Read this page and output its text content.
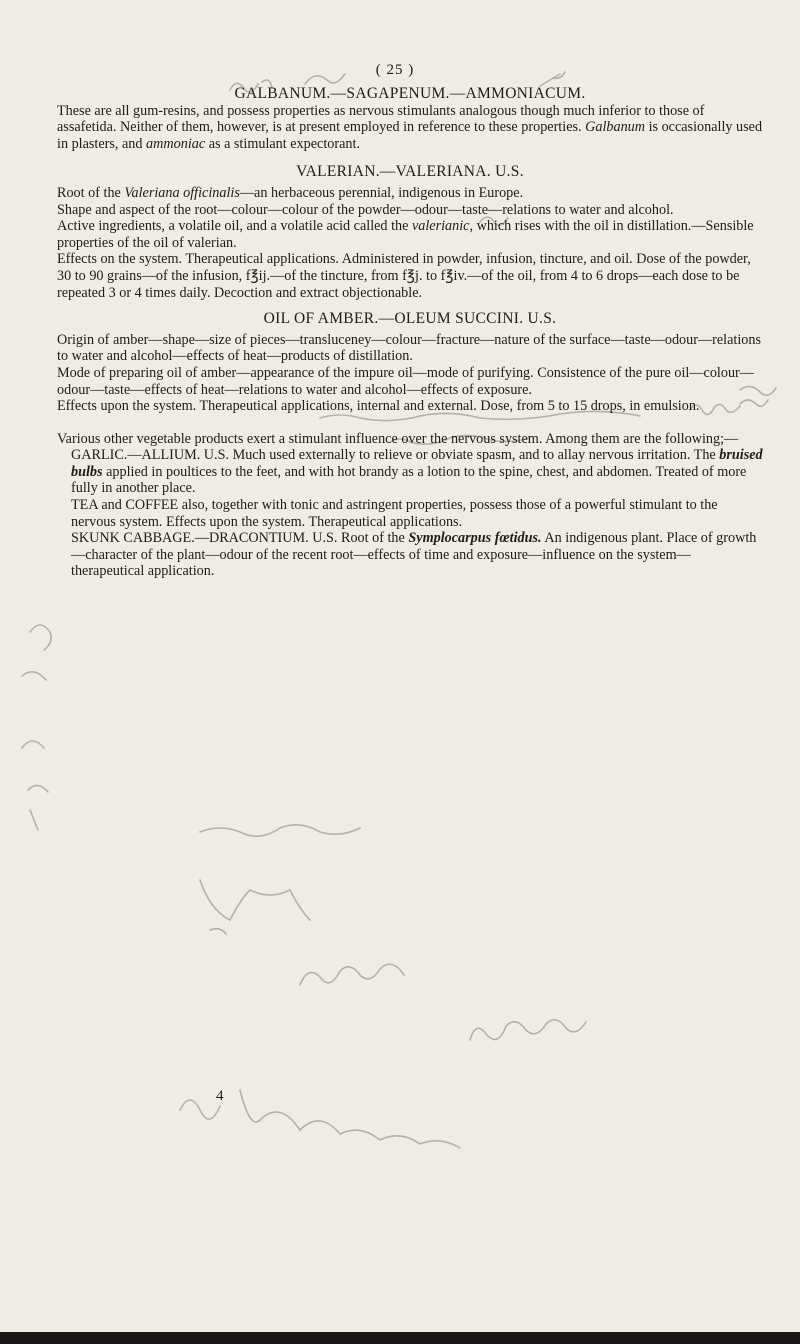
( 25 )

GALBANUM.—SAGAPENUM.—AMMONIACUM.

These are all gum-resins, and possess properties as nervous stimulants analogous though much inferior to those of assafetida. Neither of them, however, is at present employed in reference to these properties. Galbanum is occasionally used in plasters, and ammoniac as a stimulant expectorant.

VALERIAN.—VALERIANA. U.S.

Root of the Valeriana officinalis—an herbaceous perennial, indigenous in Europe.

Shape and aspect of the root—colour—colour of the powder—odour—taste—relations to water and alcohol.

Active ingredients, a volatile oil, and a volatile acid called the valerianic, which rises with the oil in distillation.—Sensible properties of the oil of valerian.

Effects on the system. Therapeutical applications. Administered in powder, infusion, tincture, and oil. Dose of the powder, 30 to 90 grains—of the infusion, f℥ij.—of the tincture, from f℥j. to f℥iv.—of the oil, from 4 to 6 drops—each dose to be repeated 3 or 4 times daily. Decoction and extract objectionable.

OIL OF AMBER.—OLEUM SUCCINI. U.S.

Origin of amber—shape—size of pieces—transluceney—colour—fracture—nature of the surface—taste—odour—relations to water and alcohol—effects of heat—products of distillation.

Mode of preparing oil of amber—appearance of the impure oil—mode of purifying. Consistence of the pure oil—colour—odour—taste—effects of heat—relations to water and alcohol—effects of exposure.

Effects upon the system. Therapeutical applications, internal and external. Dose, from 5 to 15 drops, in emulsion.

Various other vegetable products exert a stimulant influence over the nervous system. Among them are the following;—

GARLIC.—ALLIUM. U.S. Much used externally to relieve or obviate spasm, and to allay nervous irritation. The bruised bulbs applied in poultices to the feet, and with hot brandy as a lotion to the spine, chest, and abdomen. Treated of more fully in another place.

TEA and COFFEE also, together with tonic and astringent properties, possess those of a powerful stimulant to the nervous system. Effects upon the system. Therapeutical applications.

SKUNK CABBAGE.—DRACONTIUM. U.S. Root of the Symplocarpus fœtidus. An indigenous plant. Place of growth—character of the plant—odour of the recent root—effects of time and exposure—influence on the system—therapeutical application.

4
